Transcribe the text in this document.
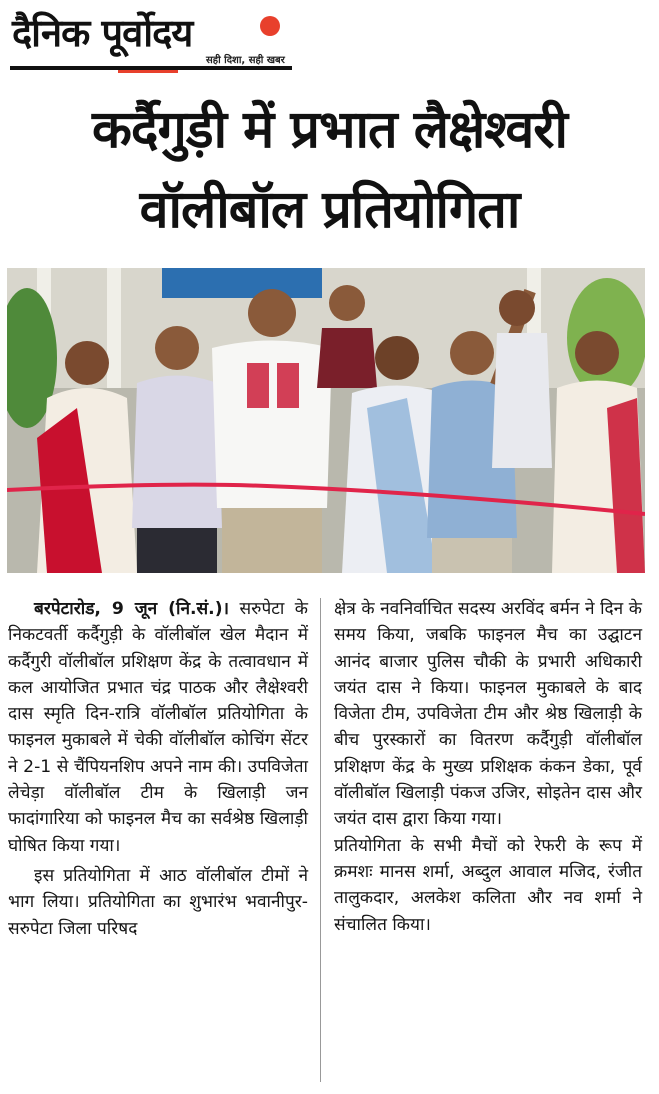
दैनिक पूर्वोदय
सही दिशा, सही खबर
कर्दैगुड़ी में प्रभात लैक्षेश्वरी
वॉलीबॉल प्रतियोगिता

बरपेटारोड, 9 जून (नि.सं.)। सरुपेटा के निकटवर्ती कर्दैगुड़ी के वॉलीबॉल खेल मैदान में कर्दैगुरी वॉलीबॉल प्रशिक्षण केंद्र के तत्वावधान में कल आयोजित प्रभात चंद्र पाठक और लैक्षेश्वरी दास स्मृति दिन-रात्रि वॉलीबॉल प्रतियोगिता के फाइनल मुकाबले में चेकी वॉलीबॉल कोचिंग सेंटर ने 2-1 से चैंपियनशिप अपने नाम की। उपविजेता लेचेड़ा वॉलीबॉल टीम के खिलाड़ी जन फादांगारिया को फाइनल मैच का सर्वश्रेष्ठ खिलाड़ी घोषित किया गया।

इस प्रतियोगिता में आठ वॉलीबॉल टीमों ने भाग लिया। प्रतियोगिता का शुभारंभ भवानीपुर-सरुपेटा जिला परिषद

क्षेत्र के नवनिर्वाचित सदस्य अरविंद बर्मन ने दिन के समय किया, जबकि फाइनल मैच का उद्घाटन आनंद बाजार पुलिस चौकी के प्रभारी अधिकारी जयंत दास ने किया। फाइनल मुकाबले के बाद विजेता टीम, उपविजेता टीम और श्रेष्ठ खिलाड़ी के बीच पुरस्कारों का वितरण कर्दैगुड़ी वॉलीबॉल प्रशिक्षण केंद्र के मुख्य प्रशिक्षक कंकन डेका, पूर्व वॉलीबॉल खिलाड़ी पंकज उजिर, सोइतेन दास और जयंत दास द्वारा किया गया।

प्रतियोगिता के सभी मैचों को रेफरी के रूप में क्रमशः मानस शर्मा, अब्दुल आवाल मजिद, रंजीत तालुकदार, अलकेश कलिता और नव शर्मा ने संचालित किया।
